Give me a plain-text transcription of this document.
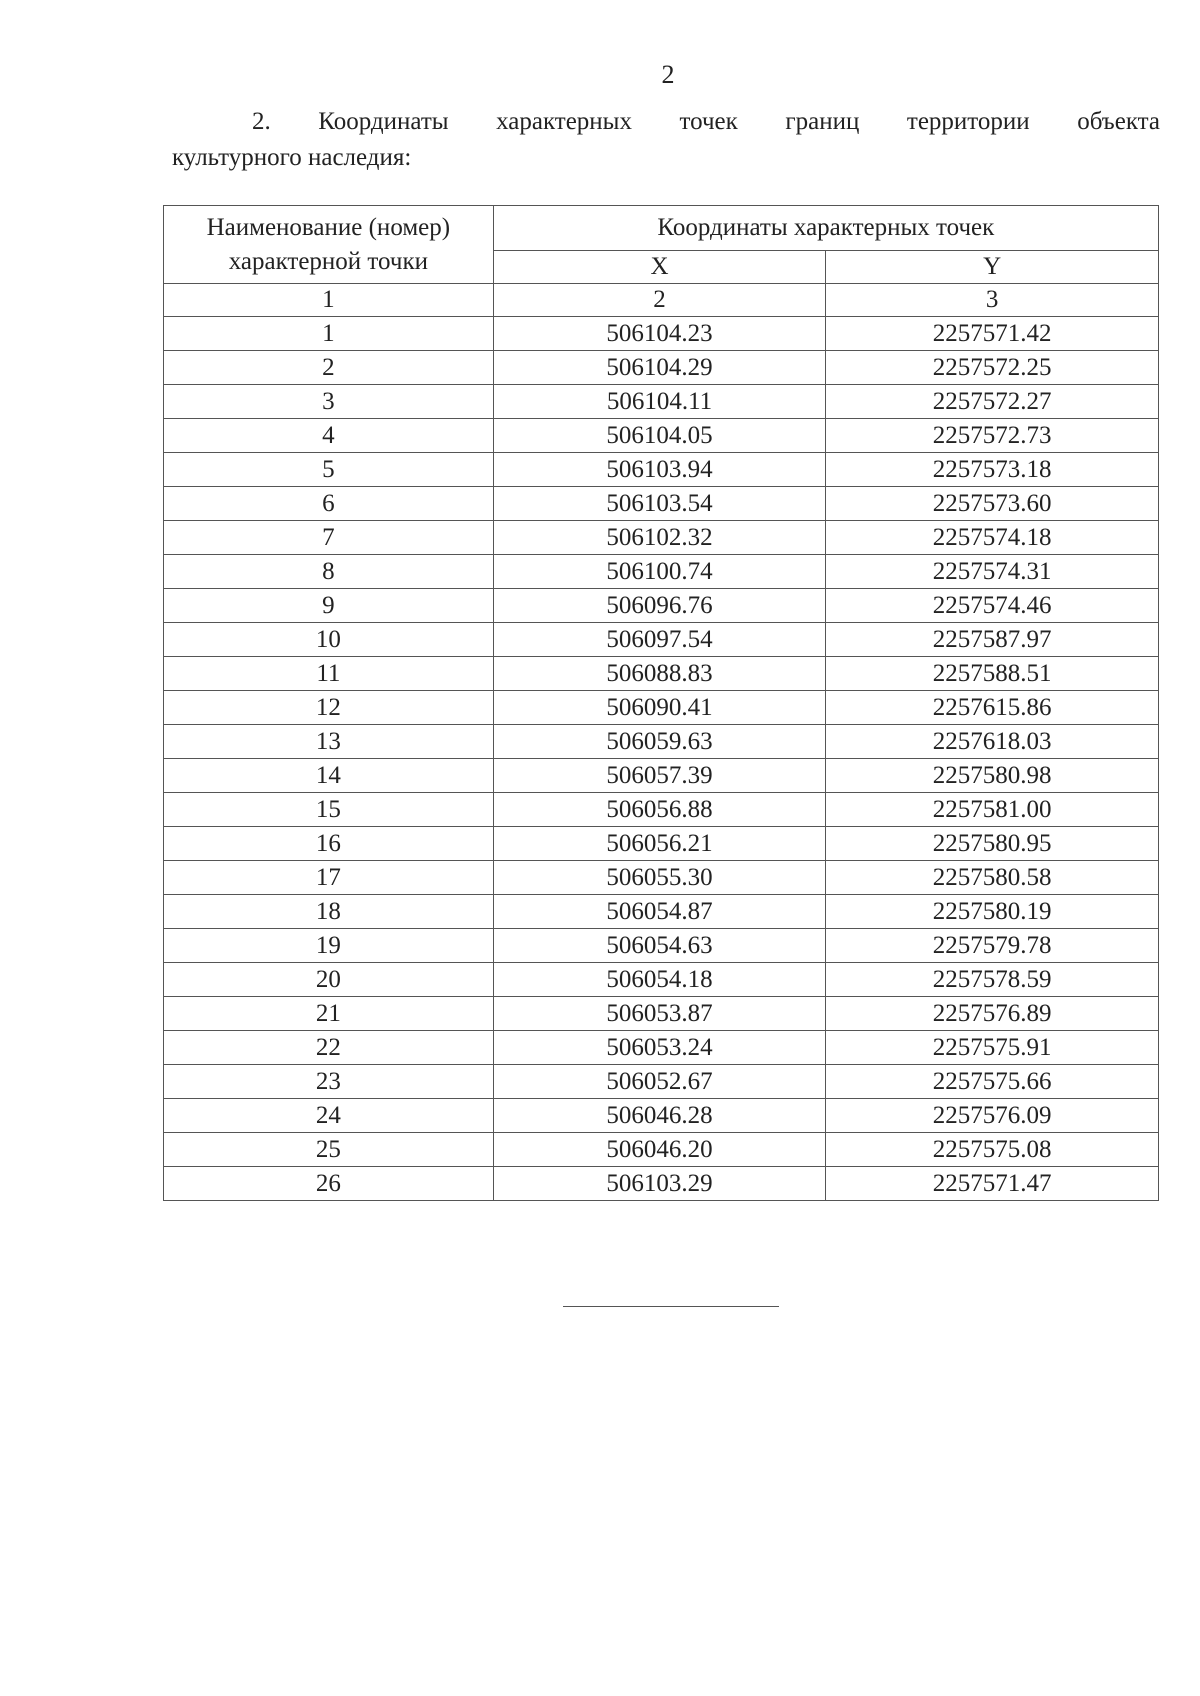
2
2. Координаты характерных точек границ территории объекта
культурного наследия:
Наименование (номер) характерной точки	Координаты характерных точек	
	X	Y
1	2	3
1	506104.23	2257571.42
2	506104.29	2257572.25
3	506104.11	2257572.27
4	506104.05	2257572.73
5	506103.94	2257573.18
6	506103.54	2257573.60
7	506102.32	2257574.18
8	506100.74	2257574.31
9	506096.76	2257574.46
10	506097.54	2257587.97
11	506088.83	2257588.51
12	506090.41	2257615.86
13	506059.63	2257618.03
14	506057.39	2257580.98
15	506056.88	2257581.00
16	506056.21	2257580.95
17	506055.30	2257580.58
18	506054.87	2257580.19
19	506054.63	2257579.78
20	506054.18	2257578.59
21	506053.87	2257576.89
22	506053.24	2257575.91
23	506052.67	2257575.66
24	506046.28	2257576.09
25	506046.20	2257575.08
26	506103.29	2257571.47
